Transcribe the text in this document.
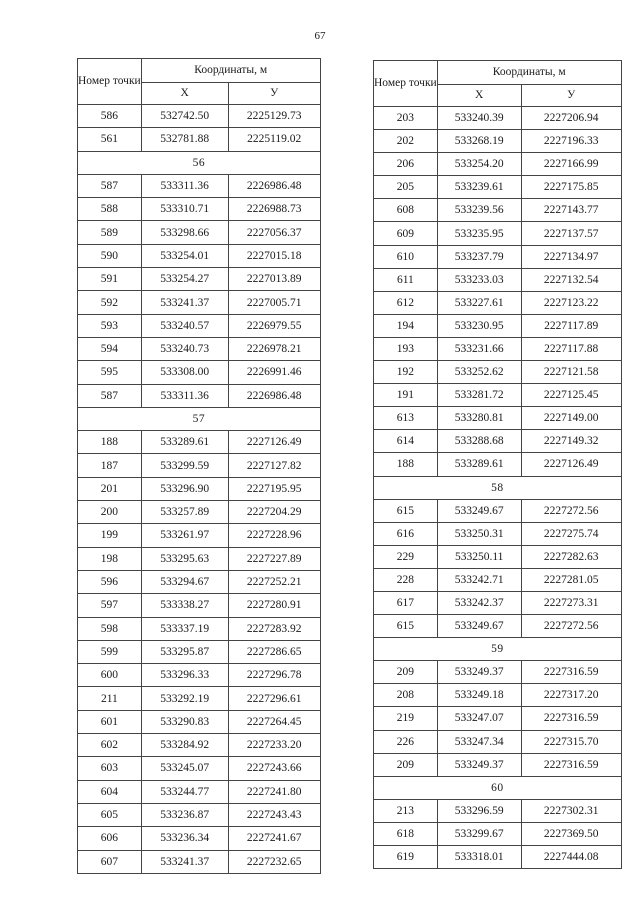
67
Номер точки	Координаты, м	
	X	У
586	532742.50	2225129.73
561	532781.88	2225119.02
56		
587	533311.36	2226986.48
588	533310.71	2226988.73
589	533298.66	2227056.37
590	533254.01	2227015.18
591	533254.27	2227013.89
592	533241.37	2227005.71
593	533240.57	2226979.55
594	533240.73	2226978.21
595	533308.00	2226991.46
587	533311.36	2226986.48
57		
188	533289.61	2227126.49
187	533299.59	2227127.82
201	533296.90	2227195.95
200	533257.89	2227204.29
199	533261.97	2227228.96
198	533295.63	2227227.89
596	533294.67	2227252.21
597	533338.27	2227280.91
598	533337.19	2227283.92
599	533295.87	2227286.65
600	533296.33	2227296.78
211	533292.19	2227296.61
601	533290.83	2227264.45
602	533284.92	2227233.20
603	533245.07	2227243.66
604	533244.77	2227241.80
605	533236.87	2227243.43
606	533236.34	2227241.67
607	533241.37	2227232.65
Номер точки	Координаты, м	
	X	У
203	533240.39	2227206.94
202	533268.19	2227196.33
206	533254.20	2227166.99
205	533239.61	2227175.85
608	533239.56	2227143.77
609	533235.95	2227137.57
610	533237.79	2227134.97
611	533233.03	2227132.54
612	533227.61	2227123.22
194	533230.95	2227117.89
193	533231.66	2227117.88
192	533252.62	2227121.58
191	533281.72	2227125.45
613	533280.81	2227149.00
614	533288.68	2227149.32
188	533289.61	2227126.49
58		
615	533249.67	2227272.56
616	533250.31	2227275.74
229	533250.11	2227282.63
228	533242.71	2227281.05
617	533242.37	2227273.31
615	533249.67	2227272.56
59		
209	533249.37	2227316.59
208	533249.18	2227317.20
219	533247.07	2227316.59
226	533247.34	2227315.70
209	533249.37	2227316.59
60		
213	533296.59	2227302.31
618	533299.67	2227369.50
619	533318.01	2227444.08
